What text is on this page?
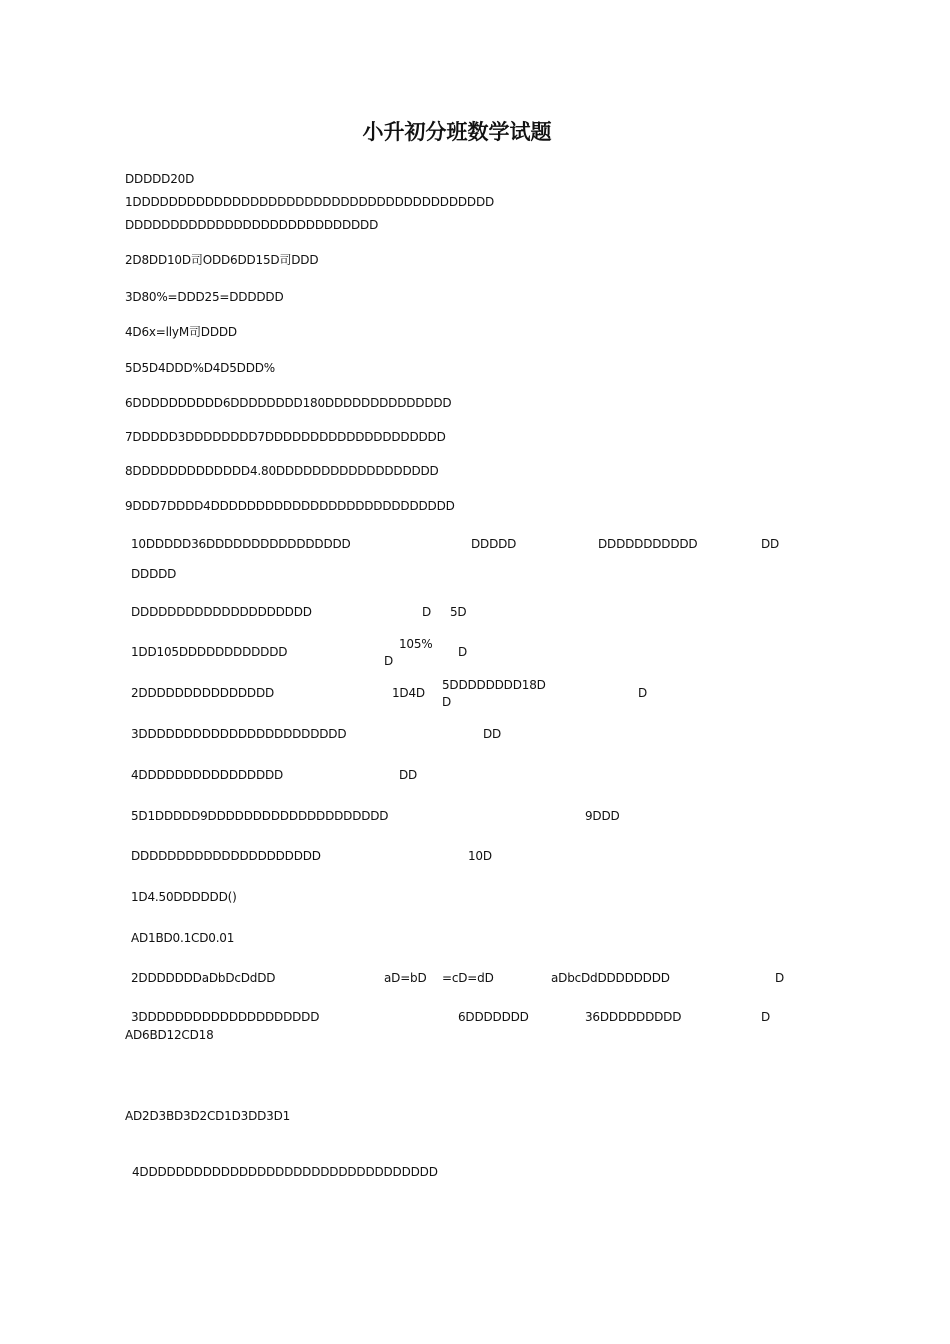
小升初分班数学试题
DDDDD20D
1DDDDDDDDDDDDDDDDDDDDDDDDDDDDDDDDDDDDDDDD
DDDDDDDDDDDDDDDDDDDDDDDDDDDD
2D8DD10D司ODD6DD15D司DDD
3D80%=DDD25=DDDDDD
4D6x=llyM司DDDD
5D5D4DDD%D4D5DDD%
6DDDDDDDDDD6DDDDDDDD180DDDDDDDDDDDDDD
7DDDDD3DDDDDDDD7DDDDDDDDDDDDDDDDDDDD
8DDDDDDDDDDDDD4.80DDDDDDDDDDDDDDDDDD
9DDD7DDDD4DDDDDDDDDDDDDDDDDDDDDDDDDDD
10DDDDD36DDDDDDDDDDDDDDDD	DDDDD	DDDDDDDDDDD	DD
DDDDD
DDDDDDDDDDDDDDDDDDDD	D 5D
1DD105DDDDDDDDDDDD
105%
D
D
2DDDDDDDDDDDDDDD	1D4D
5DDDDDDDD18D
D
D
3DDDDDDDDDDDDDDDDDDDDDDD	DD
4DDDDDDDDDDDDDDDD	DD
5D1DDDDD9DDDDDDDDDDDDDDDDDDDD	9DDD
DDDDDDDDDDDDDDDDDDDDD	10D
1D4.50DDDDDD()
AD1BD0.1CD0.01
2DDDDDDDaDbDcDdDD	aD=bD =cD=dD	aDbcDdDDDDDDDD	D
3DDDDDDDDDDDDDDDDDDDD	6DDDDDDD	36DDDDDDDDD	D
AD6BD12CD18
AD2D3BD3D2CD1D3DD3D1
4DDDDDDDDDDDDDDDDDDDDDDDDDDDDDDDDD
